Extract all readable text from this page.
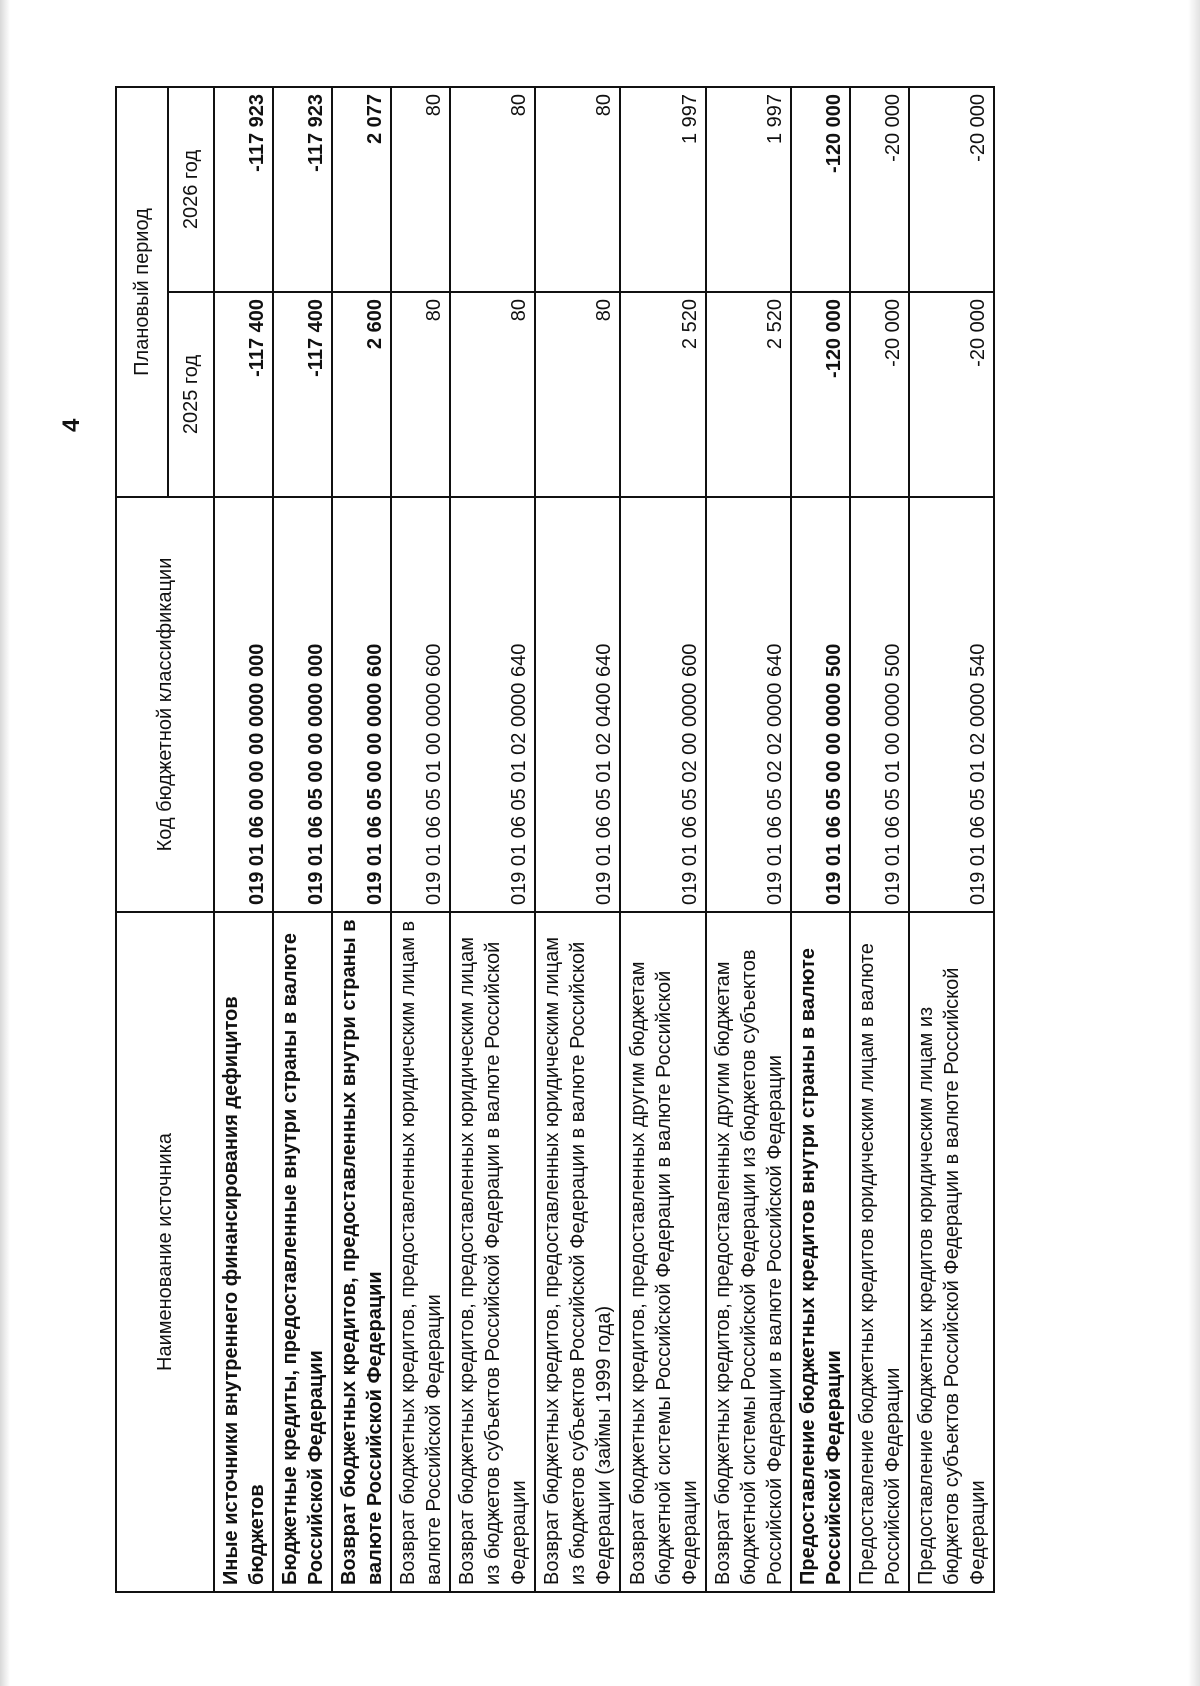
4
Наименование источника	Код бюджетной классификации	Плановый период	
		2025 год	2026 год
Иные источники внутреннего финансирования дефицитов бюджетов	019 01 06 00 00 00 0000 000	-117 400	-117 923
Бюджетные кредиты, предоставленные внутри страны в валюте Российской Федерации	019 01 06 05 00 00 0000 000	-117 400	-117 923
Возврат бюджетных кредитов, предоставленных внутри страны в валюте Российской Федерации	019 01 06 05 00 00 0000 600	2 600	2 077
Возврат бюджетных кредитов, предоставленных юридическим лицам в валюте Российской Федерации	019 01 06 05 01 00 0000 600	80	80
Возврат бюджетных кредитов, предоставленных юридическим лицам из бюджетов субъектов Российской Федерации в валюте Российской Федерации	019 01 06 05 01 02 0000 640	80	80
Возврат бюджетных кредитов, предоставленных юридическим лицам из бюджетов субъектов Российской Федерации в валюте Российской Федерации (займы 1999 года)	019 01 06 05 01 02 0400 640	80	80
Возврат бюджетных кредитов, предоставленных другим бюджетам бюджетной системы Российской Федерации в валюте Российской Федерации	019 01 06 05 02 00 0000 600	2 520	1 997
Возврат бюджетных кредитов, предоставленных другим бюджетам бюджетной системы Российской Федерации из бюджетов субъектов Российской Федерации в валюте Российской Федерации	019 01 06 05 02 02 0000 640	2 520	1 997
Предоставление бюджетных кредитов внутри страны в валюте Российской Федерации	019 01 06 05 00 00 0000 500	-120 000	-120 000
Предоставление бюджетных кредитов юридическим лицам в валюте Российской Федерации	019 01 06 05 01 00 0000 500	-20 000	-20 000
Предоставление бюджетных кредитов юридическим лицам из бюджетов субъектов Российской Федерации в валюте Российской Федерации	019 01 06 05 01 02 0000 540	-20 000	-20 000
